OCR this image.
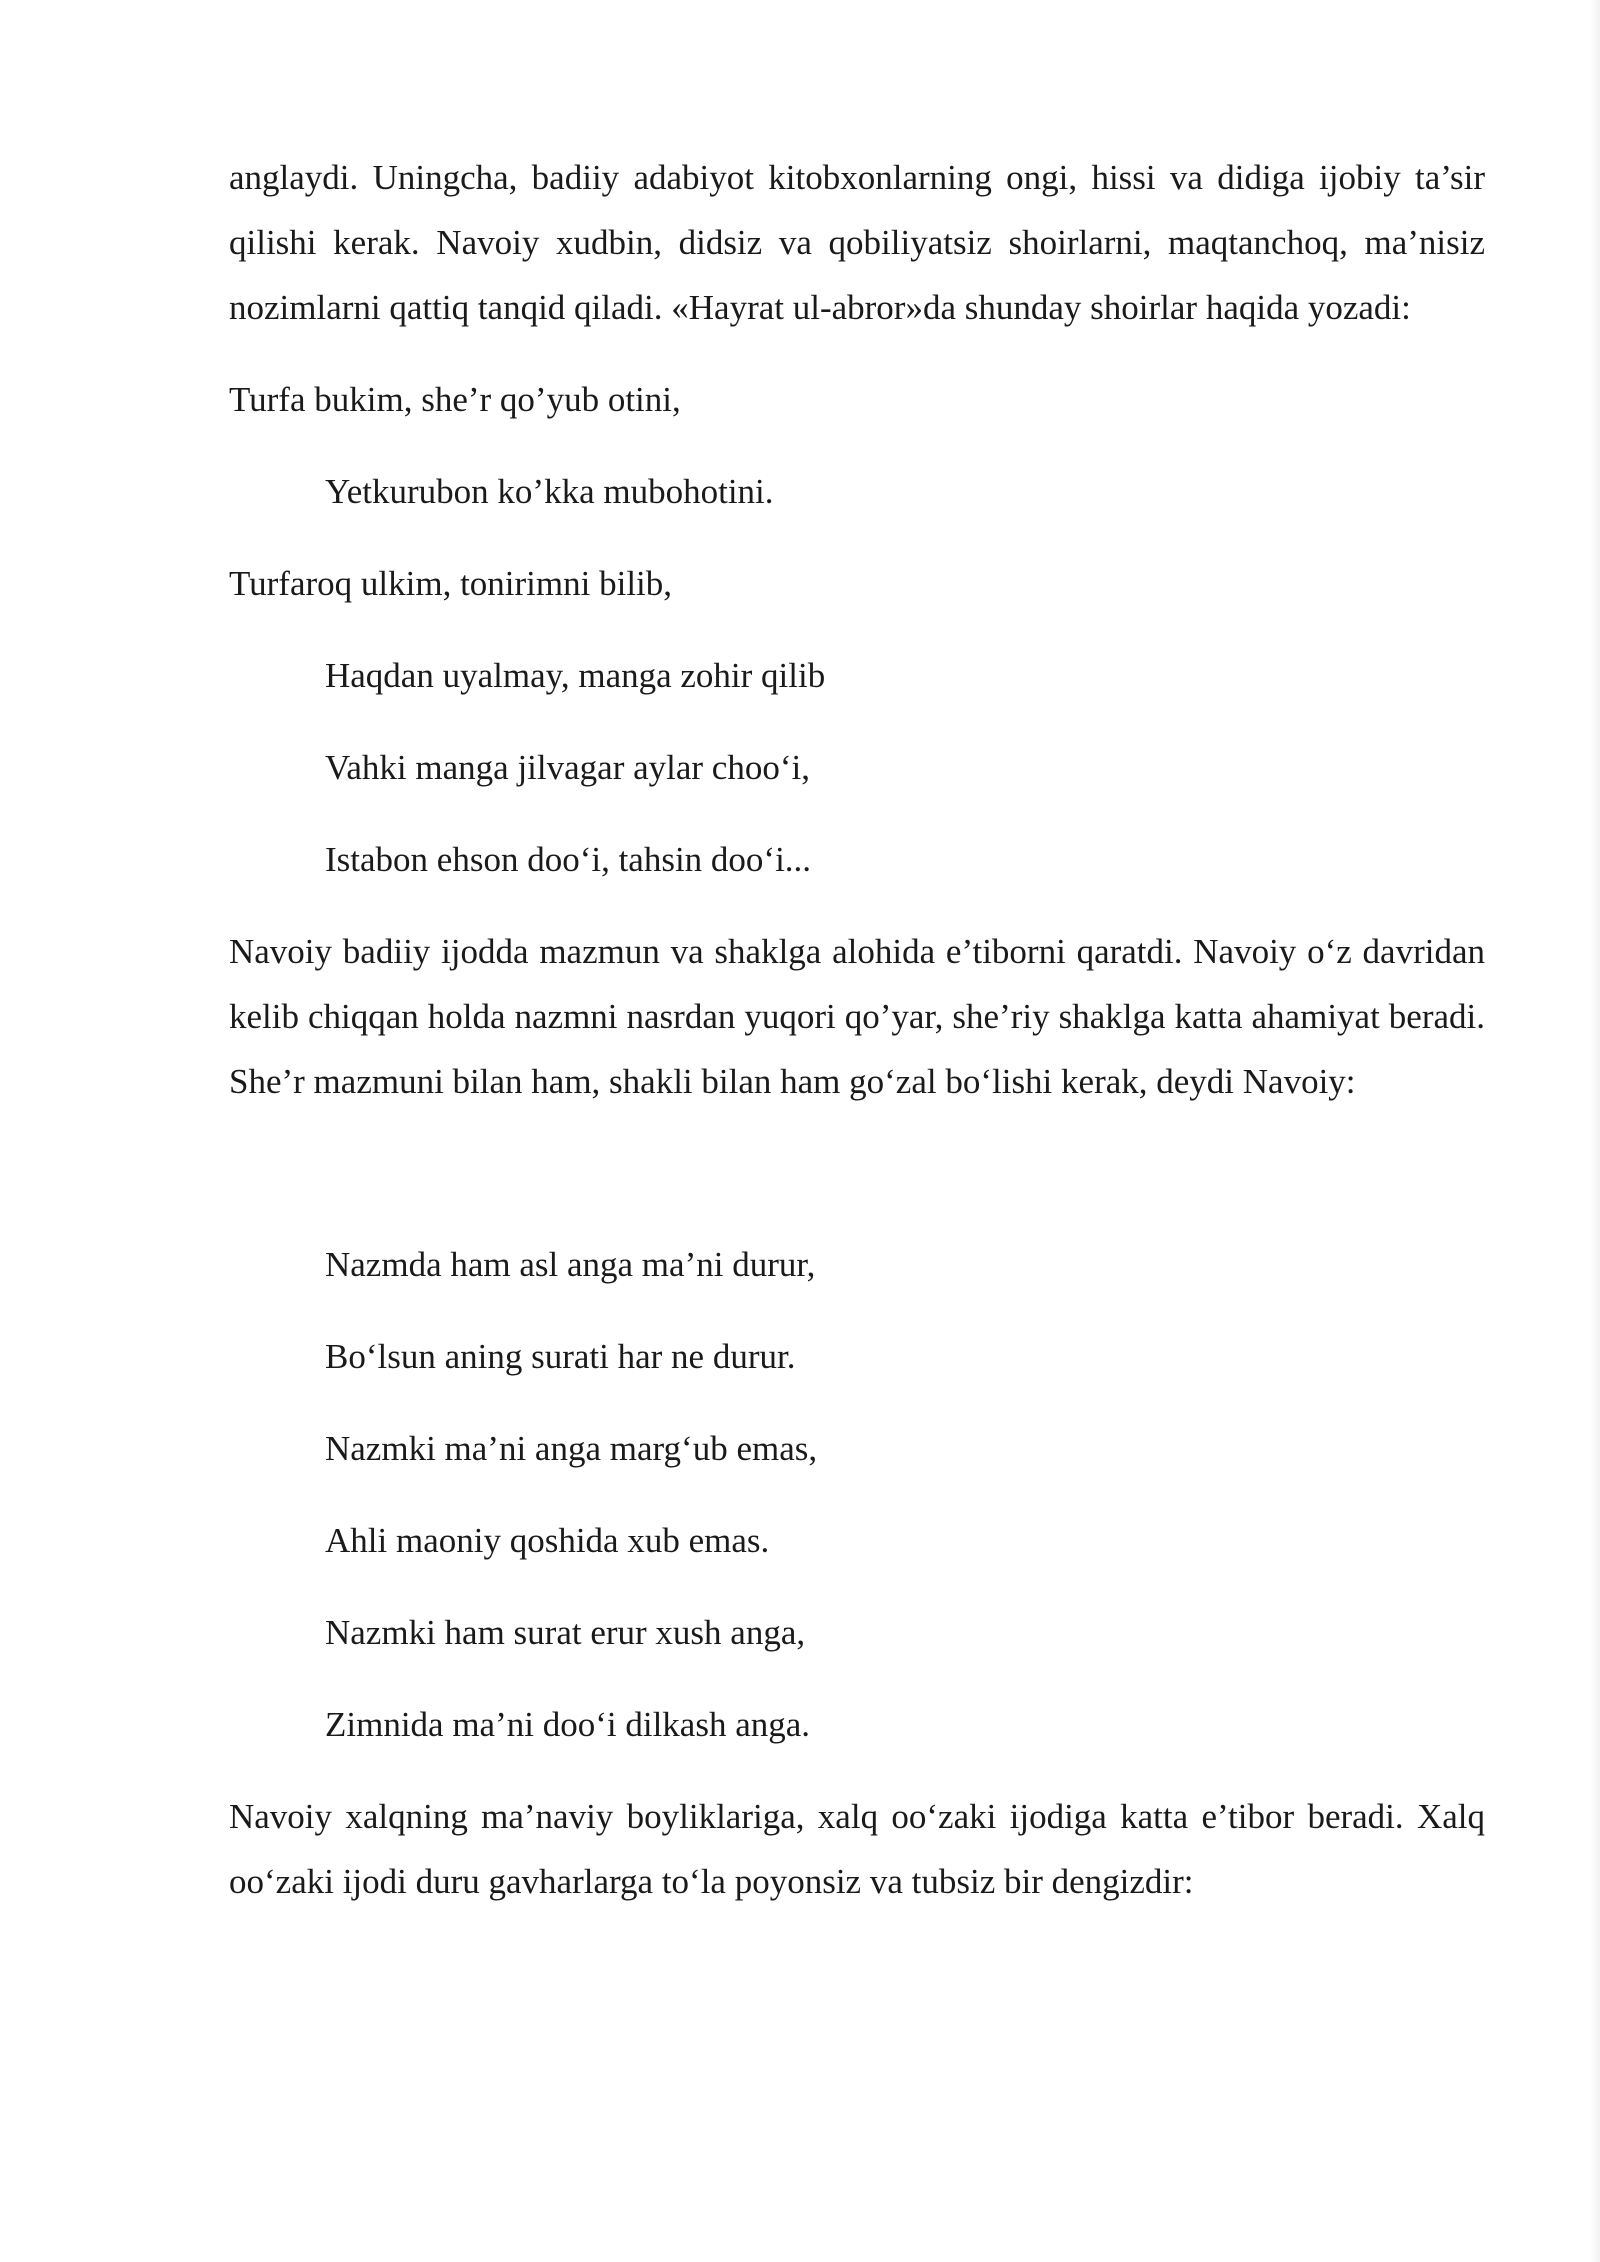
anglaydi. Uningcha, badiiy adabiyot kitobxonlarning ongi, hissi va didiga ijobiy ta’sir qilishi kerak. Navoiy xudbin, didsiz va qobiliyatsiz shoirlarni, maqtanchoq, ma’nisiz nozimlarni qattiq tanqid qiladi. «Hayrat ul-abror»da shunday shoirlar haqida yozadi:

Turfa bukim, she’r qo’yub otini,

Yetkurubon ko’kka mubohotini.

Turfaroq ulkim, tonirimni bilib,

Haqdan uyalmay, manga zohir qilib

Vahki manga jilvagar aylar choo‘i,

Istabon ehson doo‘i, tahsin doo‘i...

Navoiy badiiy ijodda mazmun va shaklga alohida e’tiborni qaratdi. Navoiy o‘z davridan kelib chiqqan holda nazmni nasrdan yuqori qo’yar, she’riy shaklga katta ahamiyat beradi. She’r mazmuni bilan ham, shakli bilan ham go‘zal bo‘lishi kerak, deydi Navoiy:

Nazmda ham asl anga ma’ni durur,

Bo‘lsun aning surati har ne durur.

Nazmki ma’ni anga marg‘ub emas,

Ahli maoniy qoshida xub emas.

Nazmki ham surat erur xush anga,

Zimnida ma’ni doo‘i dilkash anga.

Navoiy xalqning ma’naviy boyliklariga, xalq oo‘zaki ijodiga katta e’tibor beradi. Xalq oo‘zaki ijodi duru gavharlarga to‘la poyonsiz va tubsiz bir dengizdir:
